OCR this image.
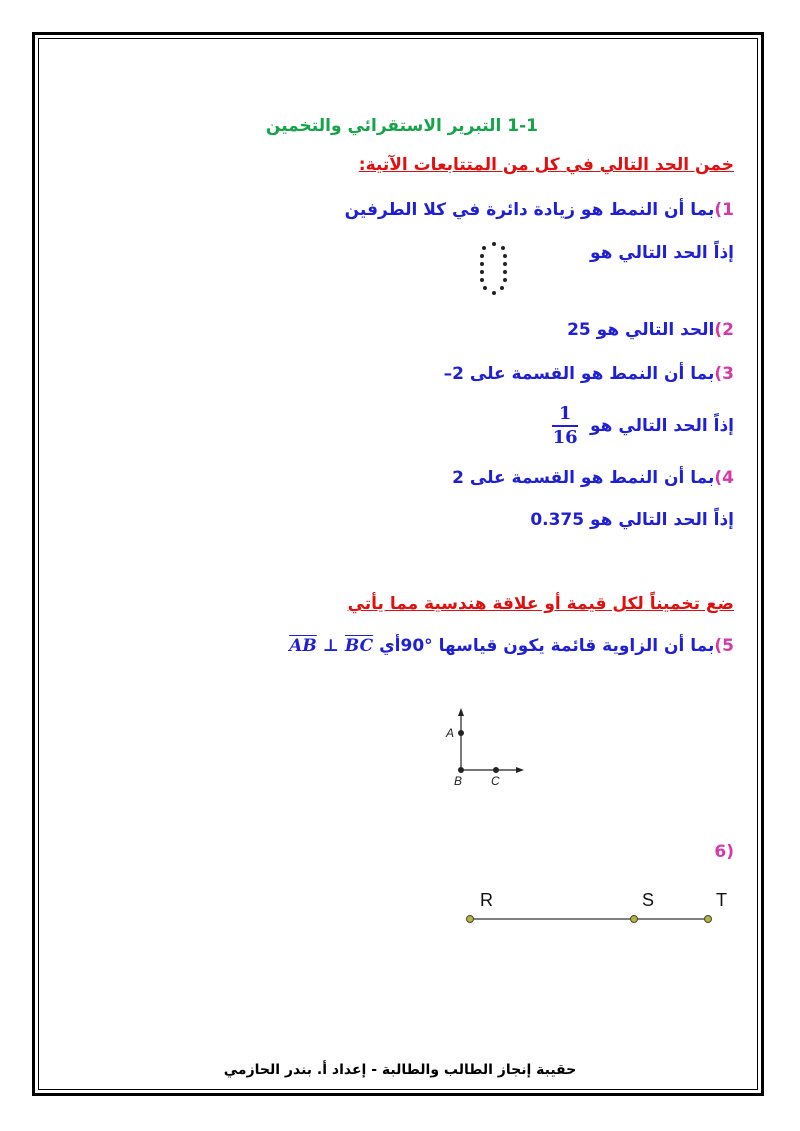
1-1 التبرير الاستقرائي والتخمين
خمن الحد التالي في كل من المتتابعات الآتية:
1)بما أن النمط هو زيادة دائرة في كلا الطرفين
إذاً الحد التالي هو
2)الحد التالي هو 25
3)بما أن النمط هو القسمة على –2
إذاً الحد التالي هو
$\frac{1}{16}$
4)بما أن النمط هو القسمة على 2
إذاً الحد التالي هو 0.375
ضع تخميناً لكل قيمة أو علاقة هندسية مما يأتي
5)بما أن الزاوية قائمة يكون قياسها 90°أي $\overline{AB}$ ⊥ $\overline{BC}$
A
B C
(6
R	S	T
حقيبة إنجاز الطالب والطالبة - إعداد أ. بندر الحازمي
